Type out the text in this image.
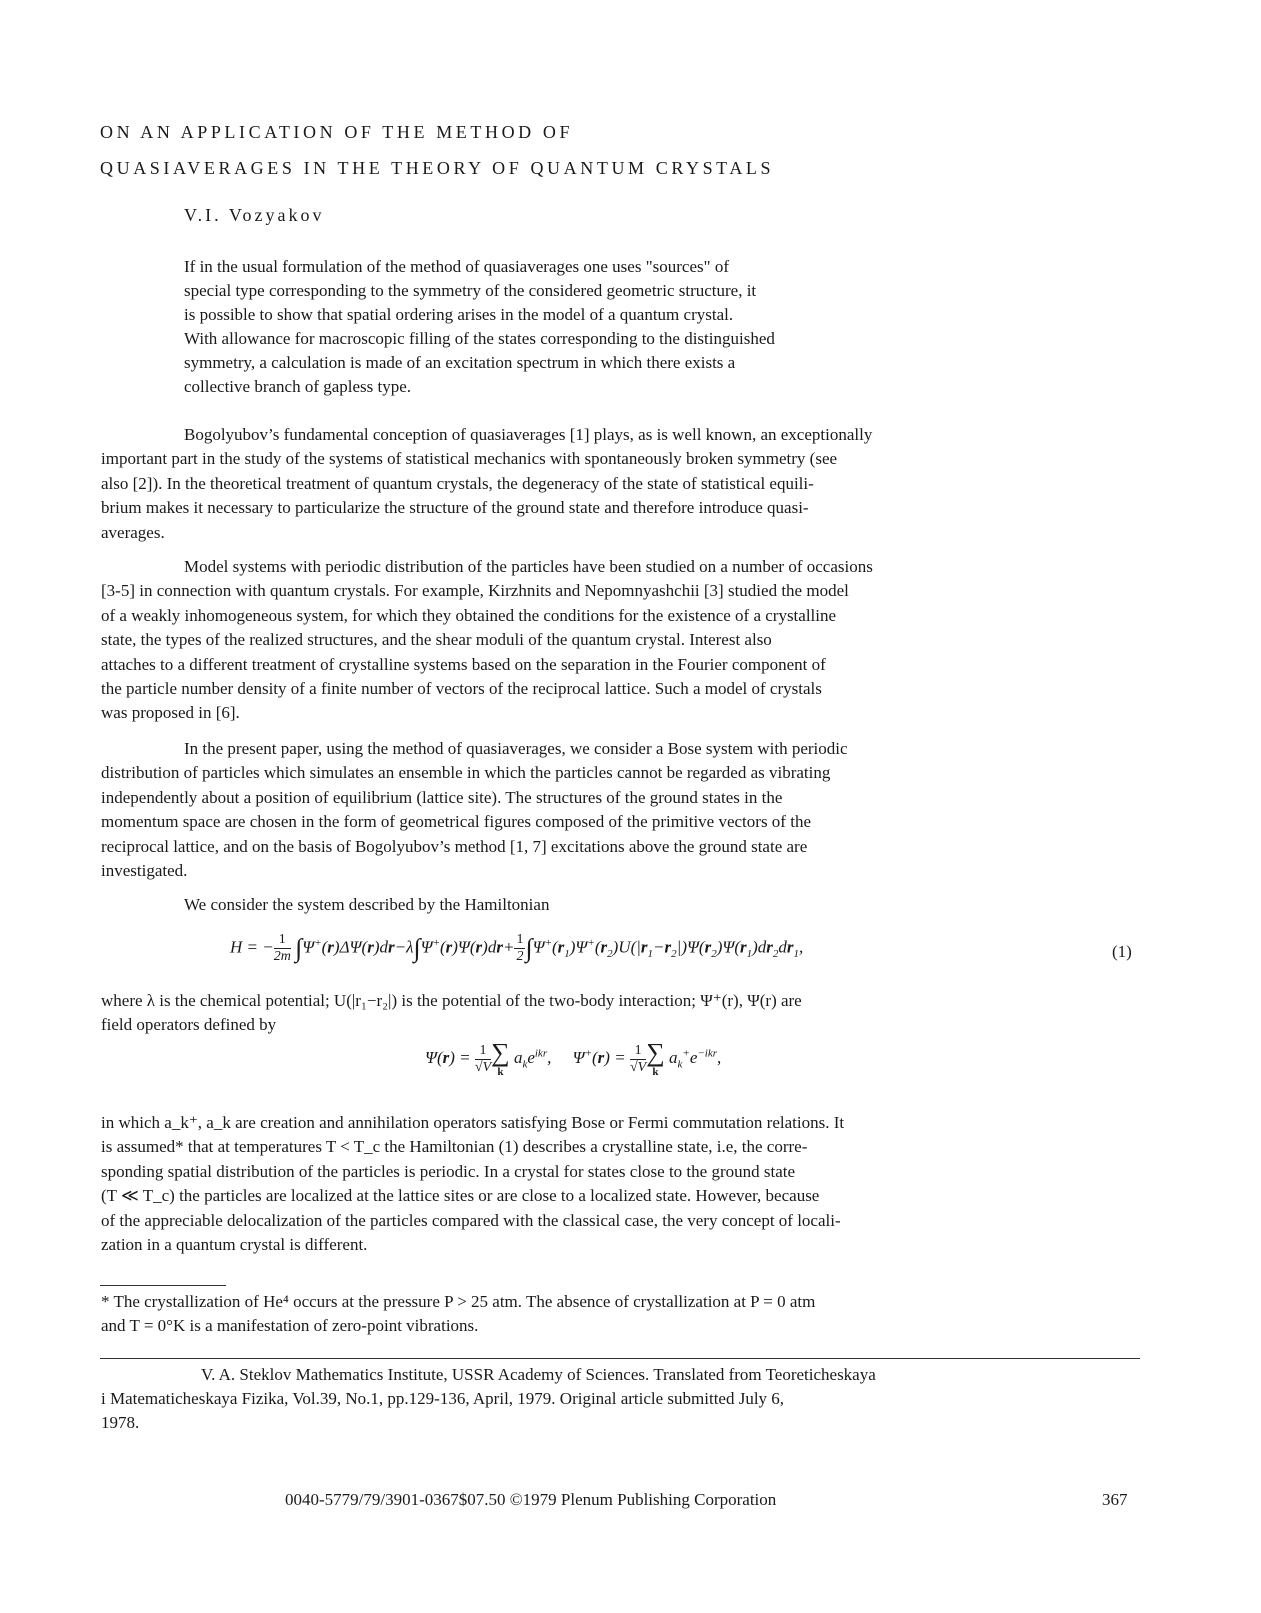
ON AN APPLICATION OF THE METHOD OF
QUASIAVERAGES IN THE THEORY OF QUANTUM CRYSTALS
V.I. Vozyakov
If in the usual formulation of the method of quasiaverages one uses "sources" of
special type corresponding to the symmetry of the considered geometric structure, it
is possible to show that spatial ordering arises in the model of a quantum crystal.
With allowance for macroscopic filling of the states corresponding to the distinguished
symmetry, a calculation is made of an excitation spectrum in which there exists a
collective branch of gapless type.
Bogolyubov’s fundamental conception of quasiaverages [1] plays, as is well known, an exceptionally
important part in the study of the systems of statistical mechanics with spontaneously broken symmetry (see
also [2]). In the theoretical treatment of quantum crystals, the degeneracy of the state of statistical equili-
brium makes it necessary to particularize the structure of the ground state and therefore introduce quasi-
averages.
Model systems with periodic distribution of the particles have been studied on a number of occasions
[3-5] in connection with quantum crystals. For example, Kirzhnits and Nepomnyashchii [3] studied the model
of a weakly inhomogeneous system, for which they obtained the conditions for the existence of a crystalline
state, the types of the realized structures, and the shear moduli of the quantum crystal. Interest also
attaches to a different treatment of crystalline systems based on the separation in the Fourier component of
the particle number density of a finite number of vectors of the reciprocal lattice. Such a model of crystals
was proposed in [6].
In the present paper, using the method of quasiaverages, we consider a Bose system with periodic
distribution of particles which simulates an ensemble in which the particles cannot be regarded as vibrating
independently about a position of equilibrium (lattice site). The structures of the ground states in the
momentum space are chosen in the form of geometrical figures composed of the primitive vectors of the
reciprocal lattice, and on the basis of Bogolyubov’s method [1, 7] excitations above the ground state are
investigated.
We consider the system described by the Hamiltonian
H = − $\frac{1}{2m} \int\Psi^+(r)\Delta\Psi(r)dr-\lambda\int\Psi^+(r)\Psi(r)dr+ \frac{1}{2} \int\Psi^+(r_1)\Psi^+(r_2)U(|r_1-r_2|)\Psi(r_2)\Psi(r_1)dr_2dr_1$,	(1)
where λ is the chemical potential; U(|r₁−r₂|) is the potential of the two-body interaction; Ψ⁺(r), Ψ(r) are
field operators defined by
$\Psi(r) = \frac{1}{√V}$ ∑
k
$a_ke^{ikr}$,     $\Psi^+(r) = \frac{1}{√V}$ ∑
k
$a_k^+e^{-ikr}$,
in which a_k⁺, a_k are creation and annihilation operators satisfying Bose or Fermi commutation relations. It
is assumed* that at temperatures T < T_c the Hamiltonian (1) describes a crystalline state, i.e, the corre-
sponding spatial distribution of the particles is periodic. In a crystal for states close to the ground state
(T ≪ T_c) the particles are localized at the lattice sites or are close to a localized state. However, because
of the appreciable delocalization of the particles compared with the classical case, the very concept of locali-
zation in a quantum crystal is different.
* The crystallization of He⁴ occurs at the pressure P > 25 atm. The absence of crystallization at P = 0 atm
and T = 0°K is a manifestation of zero-point vibrations.
V. A. Steklov Mathematics Institute, USSR Academy of Sciences. Translated from Teoreticheskaya
i Matematicheskaya Fizika, Vol.39, No.1, pp.129-136, April, 1979. Original article submitted July 6,
1978.
0040-5779/79/3901-0367$07.50 ©1979 Plenum Publishing Corporation	367
